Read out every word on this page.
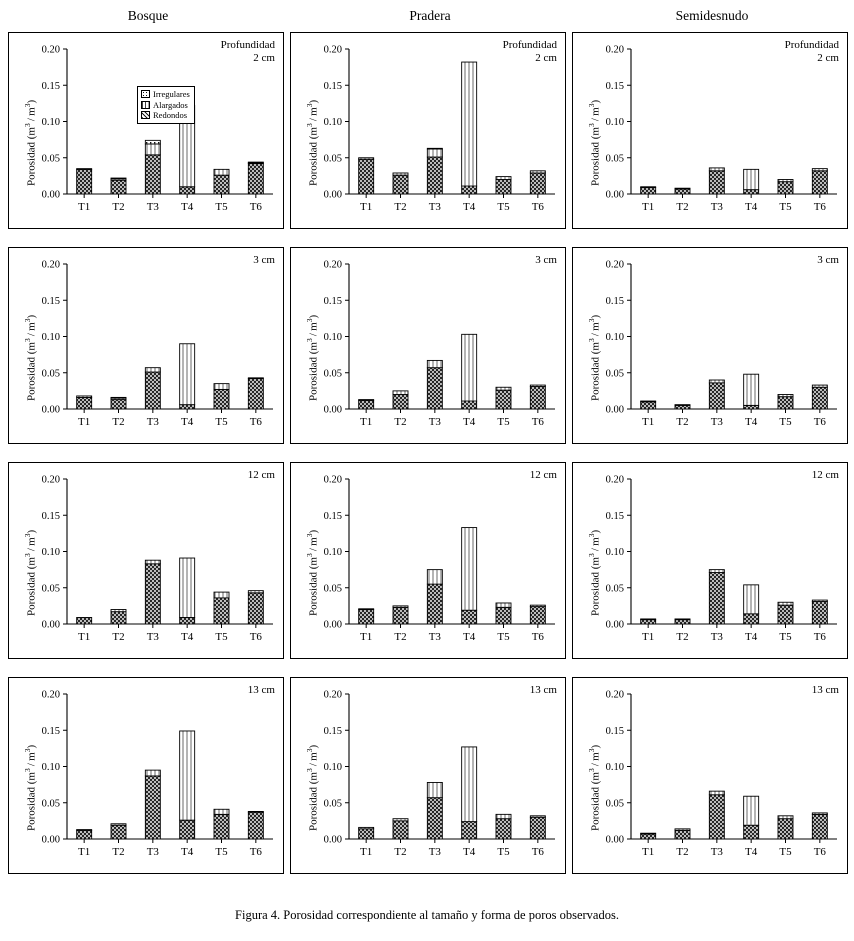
Bosque	Pradera	Semidesnudo
Profundidad
2 cm
Porosidad $(m^3 / m^3)$
0.00
0.05
0.10
0.15
0.20
T1 T2 T3 T4 T5 T6
Irregulares
Alargados
Redondos
3 cm
Porosidad $(m^3 / m^3)$
0.00
0.05
0.10
0.15
0.20
T1 T2 T3 T4 T5 T6
12 cm
Porosidad $(m^3 / m^3)$
0.00
0.05
0.10
0.15
0.20
T1 T2 T3 T4 T5 T6
13 cm
Porosidad $(m^3 / m^3)$
0.00
0.05
0.10
0.15
0.20
T1 T2 T3 T4 T5 T6
Profundidad
2 cm
Porosidad $(m^3 / m^3)$
0.00
0.05
0.10
0.15
0.20
T1 T2 T3 T4 T5 T6
3 cm
Porosidad $(m^3 / m^3)$
0.00
0.05
0.10
0.15
0.20
T1 T2 T3 T4 T5 T6
12 cm
Porosidad $(m^3 / m^3)$
0.00
0.05
0.10
0.15
0.20
T1 T2 T3 T4 T5 T6
13 cm
Porosidad $(m^3 / m^3)$
0.00
0.05
0.10
0.15
0.20
T1 T2 T3 T4 T5 T6
Profundidad
2 cm
Porosidad $(m^3 / m^3)$
0.00
0.05
0.10
0.15
0.20
T1 T2 T3 T4 T5 T6
3 cm
Porosidad $(m^3 / m^3)$
0.00
0.05
0.10
0.15
0.20
T1 T2 T3 T4 T5 T6
12 cm
Porosidad $(m^3 / m^3)$
0.00
0.05
0.10
0.15
0.20
T1 T2 T3 T4 T5 T6
13 cm
Porosidad $(m^3 / m^3)$
0.00
0.05
0.10
0.15
0.20
T1 T2 T3 T4 T5 T6
Figura 4. Porosidad correspondiente al tamaño y forma de poros observados.
